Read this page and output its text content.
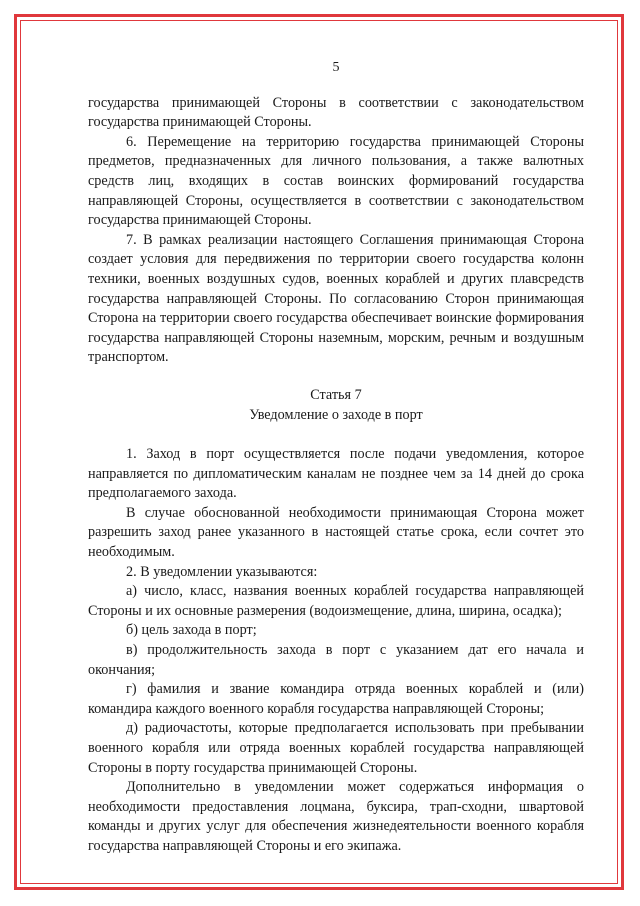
5

государства принимающей Стороны в соответствии с законодательством государства принимающей Стороны.

6. Перемещение на территорию государства принимающей Стороны предметов, предназначенных для личного пользования, а также валютных средств лиц, входящих в состав воинских формирований государства направляющей Стороны, осуществляется в соответствии с законодательством государства принимающей Стороны.

7. В рамках реализации настоящего Соглашения принимающая Сторона создает условия для передвижения по территории своего государства колонн техники, военных воздушных судов, военных кораблей и других плавсредств государства направляющей Стороны. По согласованию Сторон принимающая Сторона на территории своего государства обеспечивает воинские формирования государства направляющей Стороны наземным, морским, речным и воздушным транспортом.

Статья 7

Уведомление о заходе в порт

1. Заход в порт осуществляется после подачи уведомления, которое направляется по дипломатическим каналам не позднее чем за 14 дней до срока предполагаемого захода.

В случае обоснованной необходимости принимающая Сторона может разрешить заход ранее указанного в настоящей статье срока, если сочтет это необходимым.

2. В уведомлении указываются:

а) число, класс, названия военных кораблей государства направляющей Стороны и их основные размерения (водоизмещение, длина, ширина, осадка);

б) цель захода в порт;

в) продолжительность захода в порт с указанием дат его начала и окончания;

г) фамилия и звание командира отряда военных кораблей и (или) командира каждого военного корабля государства направляющей Стороны;

д) радиочастоты, которые предполагается использовать при пребывании военного корабля или отряда военных кораблей государства направляющей Стороны в порту государства принимающей Стороны.

Дополнительно в уведомлении может содержаться информация о необходимости предоставления лоцмана, буксира, трап-сходни, швартовой команды и других услуг для обеспечения жизнедеятельности военного корабля государства направляющей Стороны и его экипажа.
